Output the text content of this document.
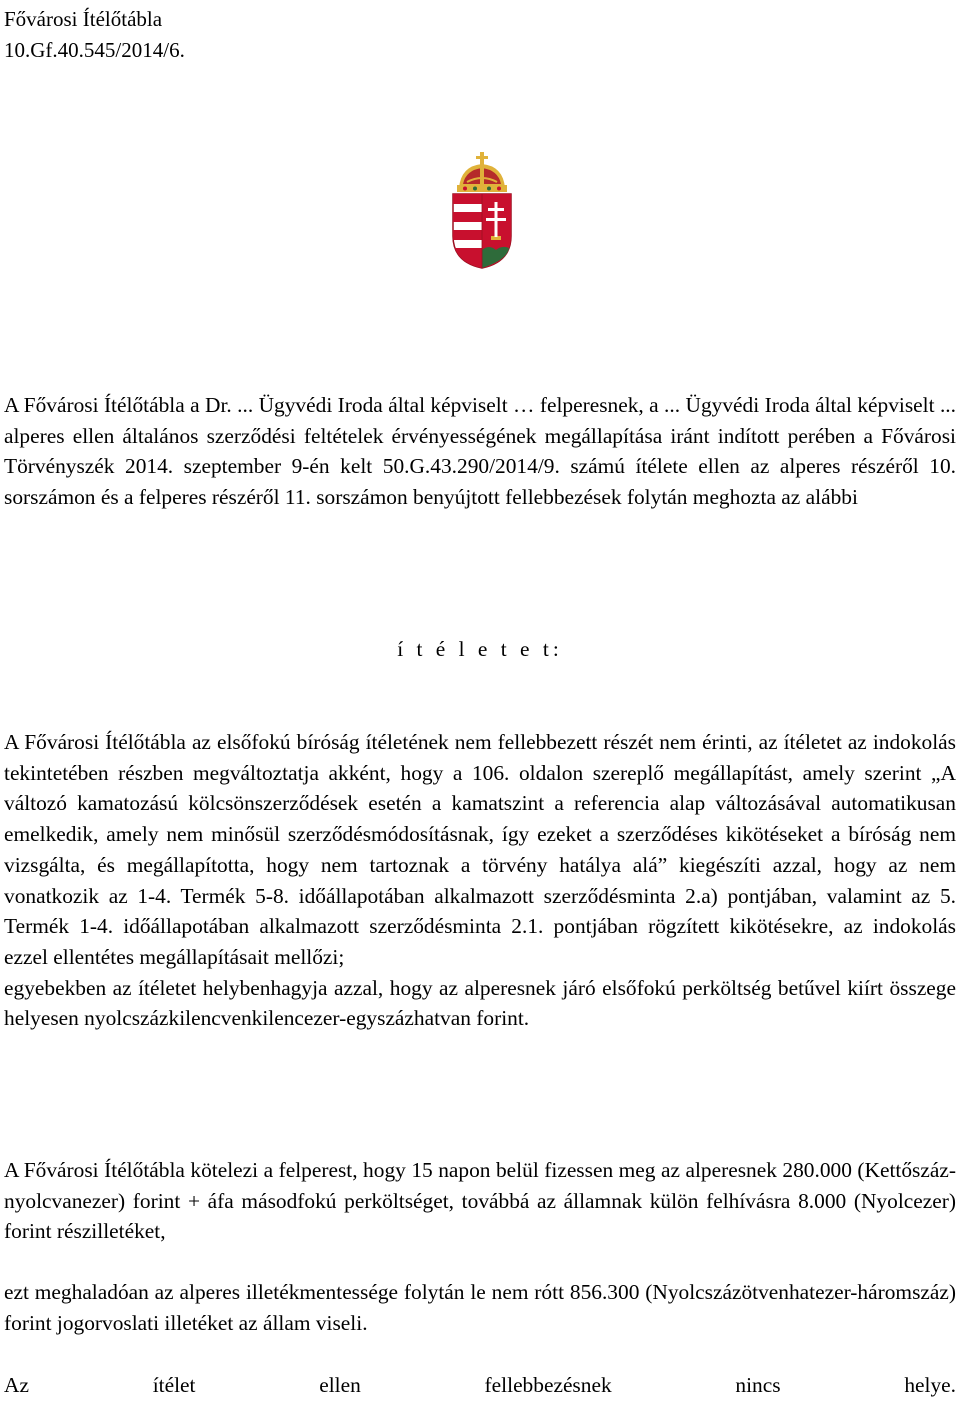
Fővárosi Ítélőtábla
10.Gf.40.545/2014/6.
A Fővárosi Ítélőtábla a Dr. ... Ügyvédi Iroda által képviselt … felperesnek, a ... Ügyvédi Iroda által képviselt ... alperes ellen általános szerződési feltételek érvényességének megállapítása iránt indított perében a Fővárosi Törvényszék 2014. szeptember 9-én kelt 50.G.43.290/2014/9. számú ítélete ellen az alperes részéről 10. sorszámon és a felperes részéről 11. sorszámon benyújtott fellebbezések folytán meghozta az alábbi
í t é l e t e t:
A Fővárosi Ítélőtábla az elsőfokú bíróság ítéletének nem fellebbezett részét nem érinti, az ítéletet az indokolás tekintetében részben megváltoztatja akként, hogy a 106. oldalon szereplő megállapítást, amely szerint „A változó kamatozású kölcsönszerződések esetén a kamatszint a referencia alap változásával automatikusan emelkedik, amely nem minősül szerződésmódosításnak, így ezeket a szerződéses kikötéseket a bíróság nem vizsgálta, és megállapította, hogy nem tartoznak a törvény hatálya alá” kiegészíti azzal, hogy az nem vonatkozik az 1-4. Termék 5-8. időállapotában alkalmazott szerződésminta 2.a) pontjában, valamint az 5. Termék 1-4. időállapotában alkalmazott szerződésminta 2.1. pontjában rögzített kikötésekre, az indokolás ezzel ellentétes megállapításait mellőzi;
egyebekben az ítéletet helybenhagyja azzal, hogy az alperesnek járó elsőfokú perköltség betűvel kiírt összege helyesen nyolcszázkilencvenkilencezer-egyszázhatvan forint.
A Fővárosi Ítélőtábla kötelezi a felperest, hogy 15 napon belül fizessen meg az alperesnek 280.000 (Kettőszáz-nyolcvanezer) forint + áfa másodfokú perköltséget, továbbá az államnak külön felhívásra 8.000 (Nyolcezer) forint részilletéket,
ezt meghaladóan az alperes illetékmentessége folytán le nem rótt 856.300 (Nyolcszázötvenhatezer-háromszáz) forint jogorvoslati illetéket az állam viseli.
Az ítélet ellen fellebbezésnek nincs helye.
